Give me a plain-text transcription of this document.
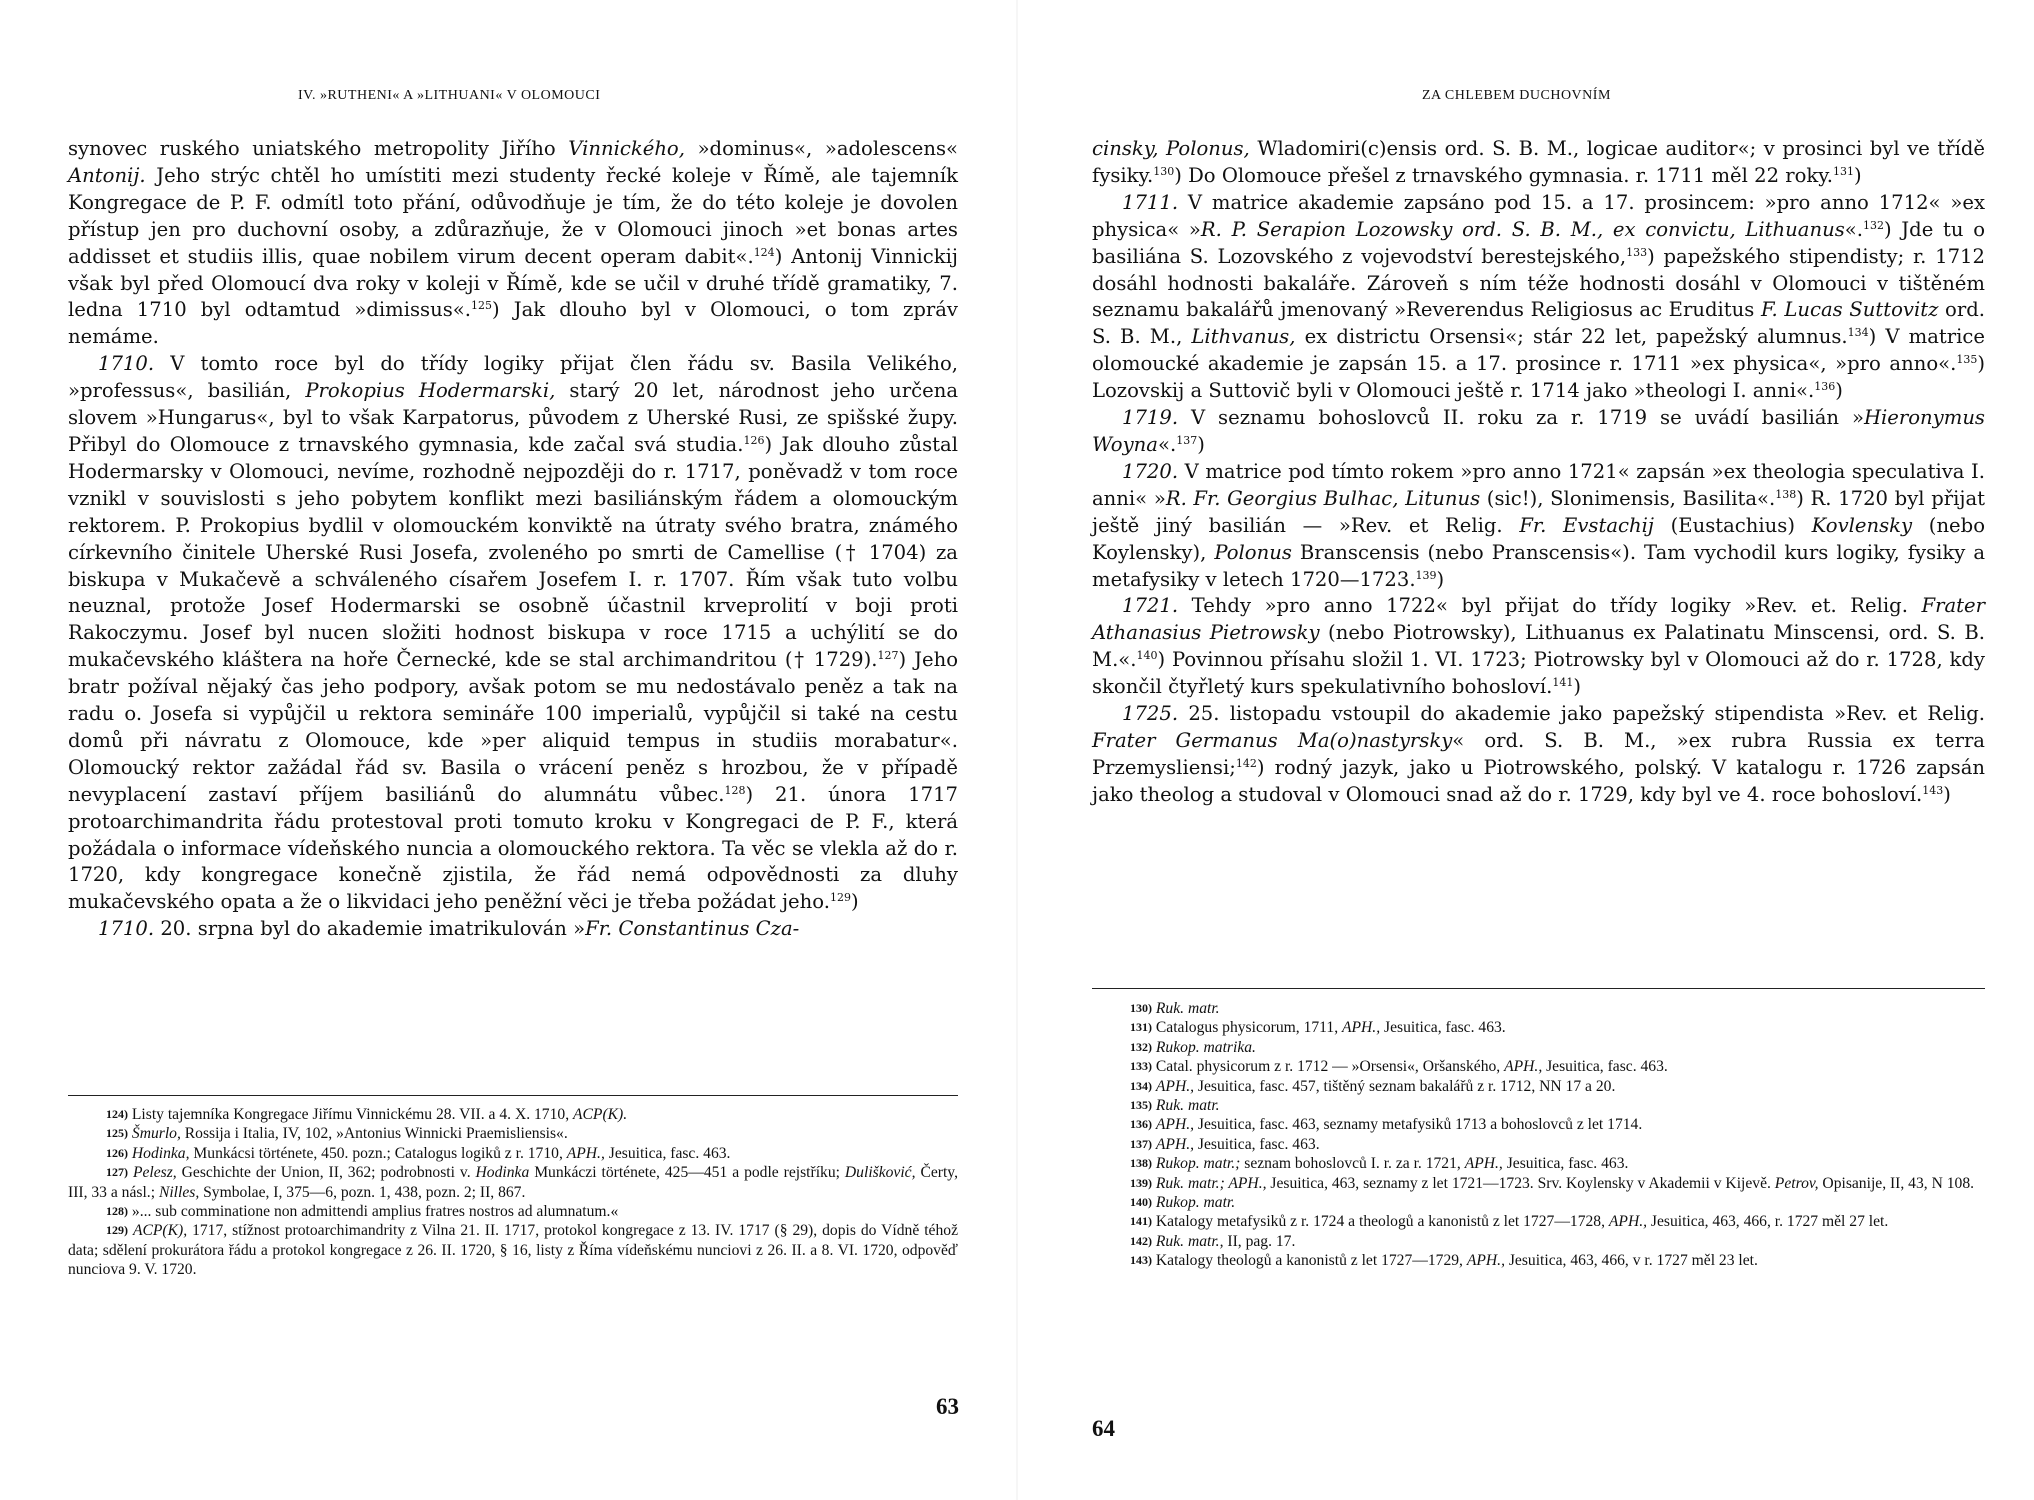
IV. »RUTHENI« A »LITHUANI« V OLOMOUCI

synovec ruského uniatského metropolity Jiřího Vinnického, »dominus«, »adolescens« Antonij. Jeho strýc chtěl ho umístiti mezi studenty řecké koleje v Římě, ale tajemník Kongregace de P. F. odmítl toto přání, odůvodňuje je tím, že do této koleje je dovolen přístup jen pro duchovní osoby, a zdůrazňuje, že v Olomouci jinoch »et bonas artes addisset et studiis illis, quae nobilem virum decent operam dabit«.$^{124}$) Antonij Vinnickij však byl před Olomoucí dva roky v koleji v Římě, kde se učil v druhé třídě gramatiky, 7. ledna 1710 byl odtamtud »dimissus«.$^{125}$) Jak dlouho byl v Olomouci, o tom zpráv nemáme.

1710. V tomto roce byl do třídy logiky přijat člen řádu sv. Basila Velikého, »professus«, basilián, Prokopius Hodermarski, starý 20 let, národnost jeho určena slovem »Hungarus«, byl to však Karpatorus, původem z Uherské Rusi, ze spišské župy. Přibyl do Olomouce z trnavského gymnasia, kde začal svá studia.$^{126}$) Jak dlouho zůstal Hodermarsky v Olomouci, nevíme, rozhodně nejpozději do r. 1717, poněvadž v tom roce vznikl v souvislosti s jeho pobytem konflikt mezi basiliánským řádem a olomouckým rektorem. P. Prokopius bydlil v olomouckém konviktě na útraty svého bratra, známého církevního činitele Uherské Rusi Josefa, zvoleného po smrti de Camellise († 1704) za biskupa v Mukačevě a schváleného císařem Josefem I. r. 1707. Řím však tuto volbu neuznal, protože Josef Hodermarski se osobně účastnil krveprolití v boji proti Rakoczymu. Josef byl nucen složiti hodnost biskupa v roce 1715 a uchýlití se do mukačevského kláštera na hoře Černecké, kde se stal archimandritou († 1729).$^{127}$) Jeho bratr požíval nějaký čas jeho podpory, avšak potom se mu nedostávalo peněz a tak na radu o. Josefa si vypůjčil u rektora semináře 100 imperialů, vypůjčil si také na cestu domů při návratu z Olomouce, kde »per aliquid tempus in studiis morabatur«. Olomoucký rektor zažádal řád sv. Basila o vrácení peněz s hrozbou, že v případě nevyplacení zastaví příjem basiliánů do alumnátu vůbec.$^{128}$) 21. února 1717 protoarchimandrita řádu protestoval proti tomuto kroku v Kongregaci de P. F., která požádala o informace vídeňského nuncia a olomouckého rektora. Ta věc se vlekla až do r. 1720, kdy kongregace konečně zjistila, že řád nemá odpovědnosti za dluhy mukačevského opata a že o likvidaci jeho peněžní věci je třeba požádat jeho.$^{129}$)

1710. 20. srpna byl do akademie imatrikulován »Fr. Constantinus Cza-

124) Listy tajemníka Kongregace Jiřímu Vinnickému 28. VII. a 4. X. 1710, ACP(K).

125) Šmurlo, Rossija i Italia, IV, 102, »Antonius Winnicki Praemisliensis«.

126) Hodinka, Munkácsi története, 450. pozn.; Catalogus logiků z r. 1710, APH., Jesuitica, fasc. 463.

127) Pelesz, Geschichte der Union, II, 362; podrobnosti v. Hodinka Munkáczi története, 425—451 a podle rejstříku; Dulišković, Čerty, III, 33 a násl.; Nilles, Symbolae, I, 375—6, pozn. 1, 438, pozn. 2; II, 867.

128) »... sub comminatione non admittendi amplius fratres nostros ad alumnatum.«

129) ACP(K), 1717, stížnost protoarchimandrity z Vilna 21. II. 1717, protokol kongregace z 13. IV. 1717 (§ 29), dopis do Vídně téhož data; sdělení prokurátora řádu a protokol kongregace z 26. II. 1720, § 16, listy z Říma vídeňskému nunciovi z 26. II. a 8. VI. 1720, odpověď nunciova 9. V. 1720.

63
ZA CHLEBEM DUCHOVNÍM

cinsky, Polonus, Wladomiri(c)ensis ord. S. B. M., logicae auditor«; v prosinci byl ve třídě fysiky.$^{130}$) Do Olomouce přešel z trnavského gymnasia. r. 1711 měl 22 roky.$^{131}$)

1711. V matrice akademie zapsáno pod 15. a 17. prosincem: »pro anno 1712« »ex physica« »R. P. Serapion Lozowsky ord. S. B. M., ex convictu, Lithuanus«.$^{132}$) Jde tu o basiliána S. Lozovského z vojevodství berestejského,$^{133}$) papežského stipendisty; r. 1712 dosáhl hodnosti bakaláře. Zároveň s ním téže hodnosti dosáhl v Olomouci v tištěném seznamu bakalářů jmenovaný »Reverendus Religiosus ac Eruditus F. Lucas Suttovitz ord. S. B. M., Lithvanus, ex districtu Orsensi«; stár 22 let, papežský alumnus.$^{134}$) V matrice olomoucké akademie je zapsán 15. a 17. prosince r. 1711 »ex physica«, »pro anno«.$^{135}$) Lozovskij a Suttovič byli v Olomouci ještě r. 1714 jako »theologi I. anni«.$^{136}$)

1719. V seznamu bohoslovců II. roku za r. 1719 se uvádí basilián »Hieronymus Woyna«.$^{137}$)

1720. V matrice pod tímto rokem »pro anno 1721« zapsán »ex theologia speculativa I. anni« »R. Fr. Georgius Bulhac, Litunus (sic!), Slonimensis, Basilita«.$^{138}$) R. 1720 byl přijat ještě jiný basilián — »Rev. et Relig. Fr. Evstachij (Eustachius) Kovlensky (nebo Koylensky), Polonus Branscensis (nebo Pranscensis«). Tam vychodil kurs logiky, fysiky a metafysiky v letech 1720—1723.$^{139}$)

1721. Tehdy »pro anno 1722« byl přijat do třídy logiky »Rev. et. Relig. Frater Athanasius Pietrowsky (nebo Piotrowsky), Lithuanus ex Palatinatu Minscensi, ord. S. B. M.«.$^{140}$) Povinnou přísahu složil 1. VI. 1723; Piotrowsky byl v Olomouci až do r. 1728, kdy skončil čtyřletý kurs spekulativního bohosloví.$^{141}$)

1725. 25. listopadu vstoupil do akademie jako papežský stipendista »Rev. et Relig. Frater Germanus Ma(o)nastyrsky« ord. S. B. M., »ex rubra Russia ex terra Przemysliensi;$^{142}$) rodný jazyk, jako u Piotrowského, polský. V katalogu r. 1726 zapsán jako theolog a studoval v Olomouci snad až do r. 1729, kdy byl ve 4. roce bohosloví.$^{143}$)

130) Ruk. matr.

131) Catalogus physicorum, 1711, APH., Jesuitica, fasc. 463.

132) Rukop. matrika.

133) Catal. physicorum z r. 1712 — »Orsensi«, Oršanského, APH., Jesuitica, fasc. 463.

134) APH., Jesuitica, fasc. 457, tištěný seznam bakalářů z r. 1712, NN 17 a 20.

135) Ruk. matr.

136) APH., Jesuitica, fasc. 463, seznamy metafysiků 1713 a bohoslovců z let 1714.

137) APH., Jesuitica, fasc. 463.

138) Rukop. matr.; seznam bohoslovců I. r. za r. 1721, APH., Jesuitica, fasc. 463.

139) Ruk. matr.; APH., Jesuitica, 463, seznamy z let 1721—1723. Srv. Koylensky v Akademii v Kijevě. Petrov, Opisanije, II, 43, N 108.

140) Rukop. matr.

141) Katalogy metafysiků z r. 1724 a theologů a kanonistů z let 1727—1728, APH., Jesuitica, 463, 466, r. 1727 měl 27 let.

142) Ruk. matr., II, pag. 17.

143) Katalogy theologů a kanonistů z let 1727—1729, APH., Jesuitica, 463, 466, v r. 1727 měl 23 let.

64
